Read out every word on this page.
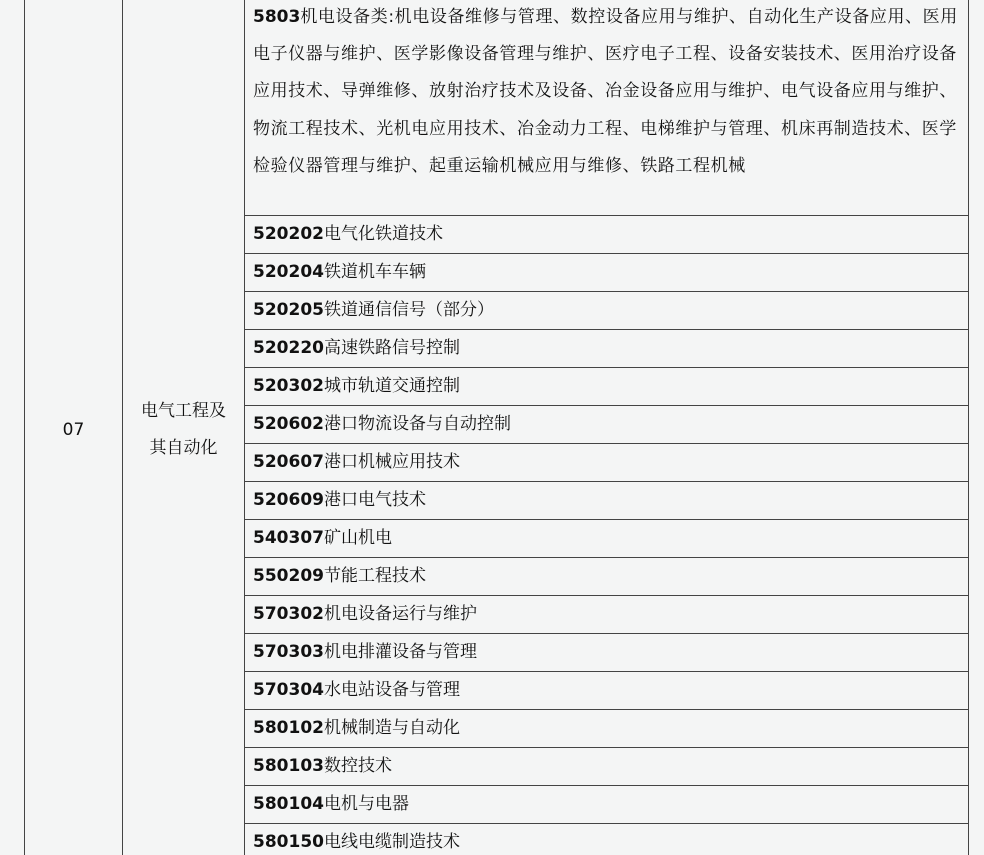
07	电气工程及其自动化	5803机电设备类:机电设备维修与管理、数控设备应用与维护、自动化生产设备应用、医用电子仪器与维护、医学影像设备管理与维护、医疗电子工程、设备安装技术、医用治疗设备应用技术、导弹维修、放射治疗技术及设备、冶金设备应用与维护、电气设备应用与维护、物流工程技术、光机电应用技术、冶金动力工程、电梯维护与管理、机床再制造技术、医学检验仪器管理与维护、起重运输机械应用与维修、铁路工程机械
520202电气化铁道技术
520204铁道机车车辆
520205铁道通信信号（部分）
520220高速铁路信号控制
520302城市轨道交通控制
520602港口物流设备与自动控制
520607港口机械应用技术
520609港口电气技术
540307矿山机电
550209节能工程技术
570302机电设备运行与维护
570303机电排灌设备与管理
570304水电站设备与管理
580102机械制造与自动化
580103数控技术
580104电机与电器
580150电线电缆制造技术
